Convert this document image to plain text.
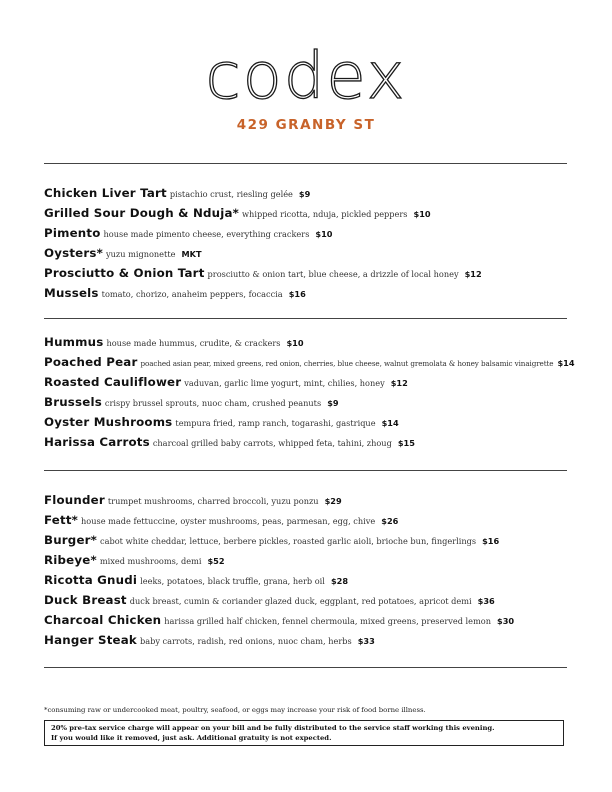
codex
429 GRANBY ST
Chicken Liver Tart pistachio crust, riesling gelée $9
Grilled Sour Dough & Nduja* whipped ricotta, nduja, pickled peppers $10
Pimento house made pimento cheese, everything crackers $10
Oysters* yuzu mignonette MKT
Prosciutto & Onion Tart prosciutto & onion tart, blue cheese, a drizzle of local honey $12
Mussels tomato, chorizo, anaheim peppers, focaccia $16
Hummus house made hummus, crudite, & crackers $10
Poached Pear poached asian pear, mixed greens, red onion, cherries, blue cheese, walnut gremolata & honey balsamic vinaigrette $14
Roasted Cauliflower vaduvan, garlic lime yogurt, mint, chilies, honey $12
Brussels crispy brussel sprouts, nuoc cham, crushed peanuts $9
Oyster Mushrooms tempura fried, ramp ranch, togarashi, gastrique $14
Harissa Carrots charcoal grilled baby carrots, whipped feta, tahini, zhoug $15
Flounder trumpet mushrooms, charred broccoli, yuzu ponzu $29
Fett* house made fettuccine, oyster mushrooms, peas, parmesan, egg, chive $26
Burger* cabot white cheddar, lettuce, berbere pickles, roasted garlic aioli, brioche bun, fingerlings $16
Ribeye* mixed mushrooms, demi $52
Ricotta Gnudi leeks, potatoes, black truffle, grana, herb oil $28
Duck Breast duck breast, cumin & coriander glazed duck, eggplant, red potatoes, apricot demi $36
Charcoal Chicken harissa grilled half chicken, fennel chermoula, mixed greens, preserved lemon $30
Hanger Steak baby carrots, radish, red onions, nuoc cham, herbs $33
*consuming raw or undercooked meat, poultry, seafood, or eggs may increase your risk of food borne illness.
20% pre-tax service charge will appear on your bill and be fully distributed to the service staff working this evening.
If you would like it removed, just ask. Additional gratuity is not expected.
